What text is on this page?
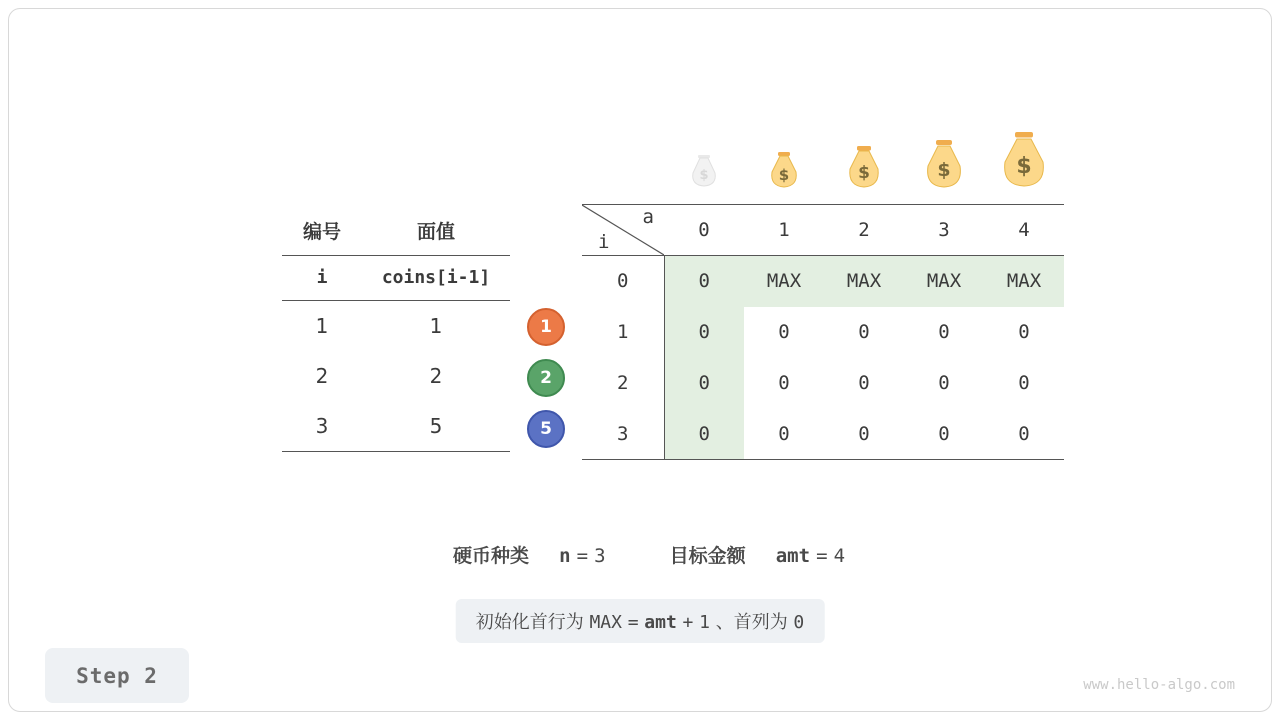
$	$	$	$	$
编号	面值
i	coins[i-1]
1	1
2	2
3	5
1
2
5
a
i	0	1	2	3	4
0	0	MAX	MAX	MAX	MAX
1	0	0	0	0	0
2	0	0	0	0	0
3	0	0	0	0	0
硬币种类 n = 3	目标金额 amt = 4
初始化首行为 MAX = amt + 1 、首列为 0
Step 2	www.hello-algo.com
